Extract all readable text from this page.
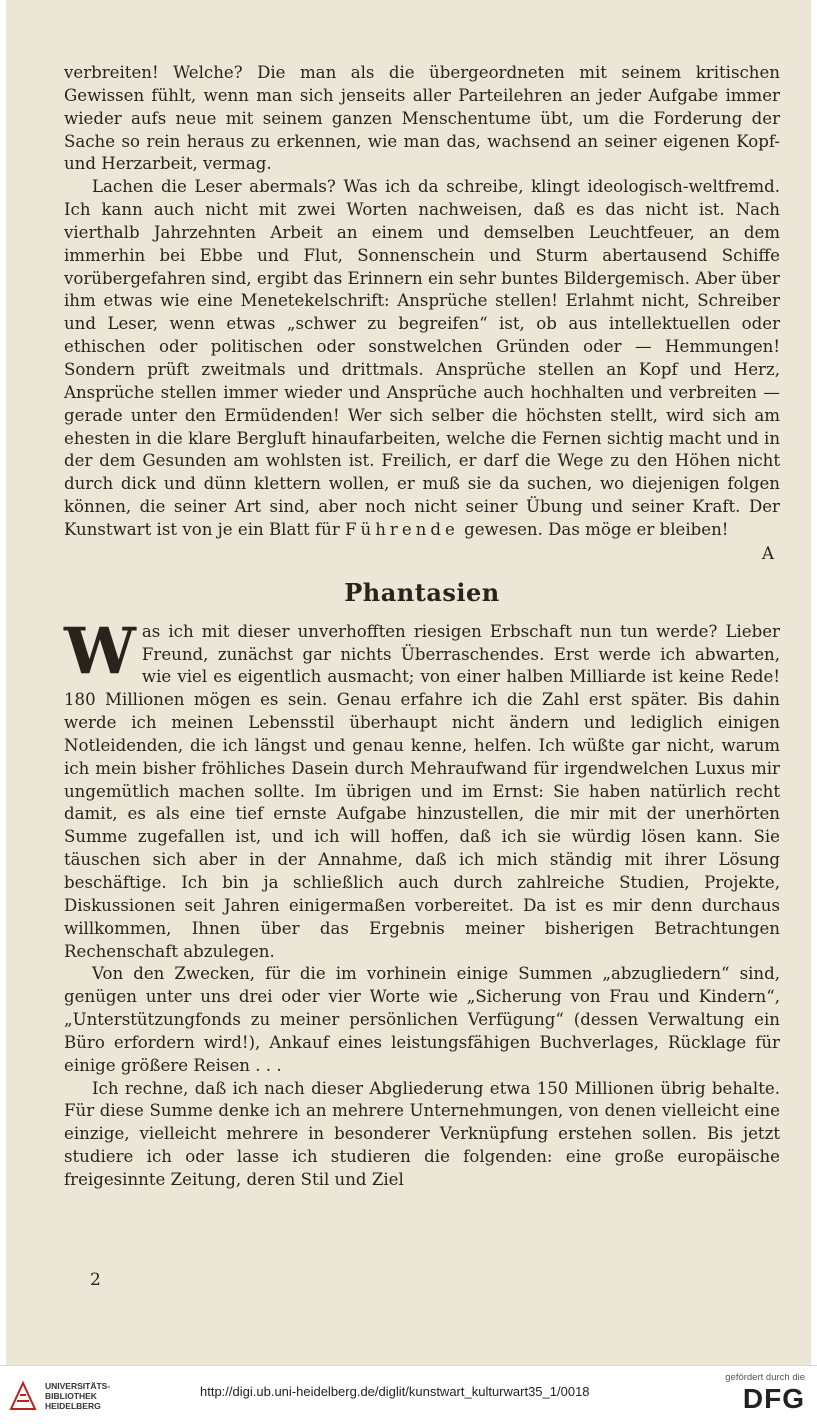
verbreiten! Welche? Die man als die übergeordneten mit seinem kritischen Gewissen fühlt, wenn man sich jenseits aller Parteilehren an jeder Aufgabe immer wieder aufs neue mit seinem ganzen Menschentume übt, um die Forderung der Sache so rein heraus zu erkennen, wie man das, wachsend an seiner eigenen Kopf- und Herzarbeit, vermag.

Lachen die Leser abermals? Was ich da schreibe, klingt ideologisch-weltfremd. Ich kann auch nicht mit zwei Worten nachweisen, daß es das nicht ist. Nach vierthalb Jahrzehnten Arbeit an einem und demselben Leuchtfeuer, an dem immerhin bei Ebbe und Flut, Sonnenschein und Sturm abertausend Schiffe vorübergefahren sind, ergibt das Erinnern ein sehr buntes Bildergemisch. Aber über ihm etwas wie eine Menetekelschrift: Ansprüche stellen! Erlahmt nicht, Schreiber und Leser, wenn etwas „schwer zu begreifen“ ist, ob aus intellektuellen oder ethischen oder politischen oder sonstwelchen Gründen oder — Hemmungen! Sondern prüft zweitmals und drittmals. Ansprüche stellen an Kopf und Herz, Ansprüche stellen immer wieder und Ansprüche auch hochhalten und verbreiten — gerade unter den Ermüdenden! Wer sich selber die höchsten stellt, wird sich am ehesten in die klare Bergluft hinaufarbeiten, welche die Fernen sichtig macht und in der dem Gesunden am wohlsten ist. Freilich, er darf die Wege zu den Höhen nicht durch dick und dünn klettern wollen, er muß sie da suchen, wo diejenigen folgen können, die seiner Art sind, aber noch nicht seiner Übung und seiner Kraft. Der Kunstwart ist von je ein Blatt für Führende gewesen. Das möge er bleiben!

A

Phantasien

Was ich mit dieser unverhofften riesigen Erbschaft nun tun werde? Lieber Freund, zunächst gar nichts Überraschendes. Erst werde ich abwarten, wie viel es eigentlich ausmacht; von einer halben Milliarde ist keine Rede! 180 Millionen mögen es sein. Genau erfahre ich die Zahl erst später. Bis dahin werde ich meinen Lebensstil überhaupt nicht ändern und lediglich einigen Notleidenden, die ich längst und genau kenne, helfen. Ich wüßte gar nicht, warum ich mein bisher fröhliches Dasein durch Mehraufwand für irgendwelchen Luxus mir ungemütlich machen sollte. Im übrigen und im Ernst: Sie haben natürlich recht damit, es als eine tief ernste Aufgabe hinzustellen, die mir mit der unerhörten Summe zugefallen ist, und ich will hoffen, daß ich sie würdig lösen kann. Sie täuschen sich aber in der Annahme, daß ich mich ständig mit ihrer Lösung beschäftige. Ich bin ja schließlich auch durch zahlreiche Studien, Projekte, Diskussionen seit Jahren einigermaßen vorbereitet. Da ist es mir denn durchaus willkommen, Ihnen über das Ergebnis meiner bisherigen Betrachtungen Rechenschaft abzulegen.

Von den Zwecken, für die im vorhinein einige Summen „abzugliedern“ sind, genügen unter uns drei oder vier Worte wie „Sicherung von Frau und Kindern“, „Unterstützungfonds zu meiner persönlichen Verfügung“ (dessen Verwaltung ein Büro erfordern wird!), Ankauf eines leistungsfähigen Buchverlages, Rücklage für einige größere Reisen . . .

Ich rechne, daß ich nach dieser Abgliederung etwa 150 Millionen übrig behalte. Für diese Summe denke ich an mehrere Unternehmungen, von denen vielleicht eine einzige, vielleicht mehrere in besonderer Verknüpfung erstehen sollen. Bis jetzt studiere ich oder lasse ich studieren die folgenden: eine große europäische freigesinnte Zeitung, deren Stil und Ziel

2
UNIVERSITÄTS-
BIBLIOTHEK
HEIDELBERG
http://digi.ub.uni-heidelberg.de/diglit/kunstwart_kulturwart35_1/0018
gefördert durch die
DFG
